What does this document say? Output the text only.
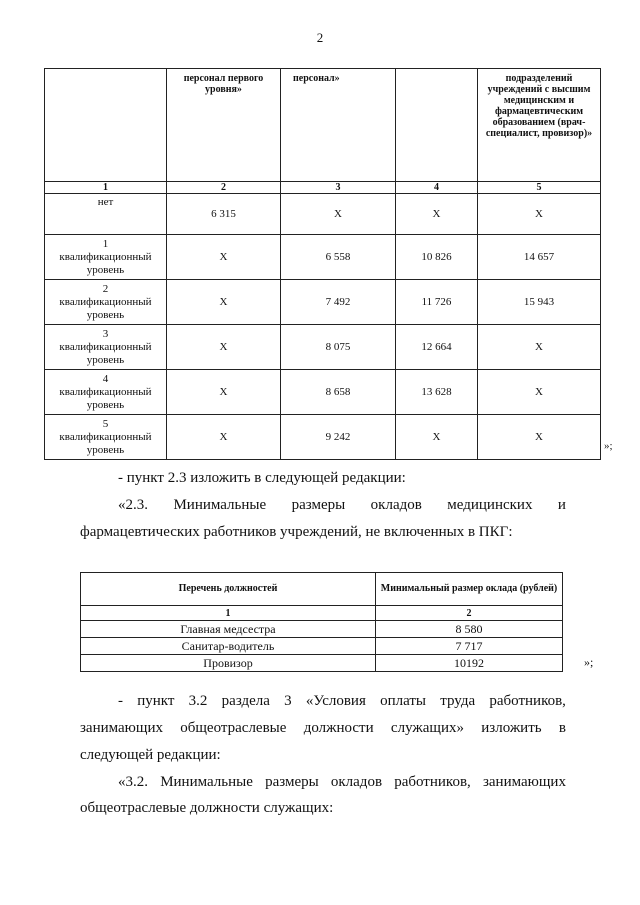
2
	персонал первого уровня»	персонал»		подразделений учреждений с высшим медицинским и фармацевтическим образованием (врач-специалист, провизор)»
1	2	3	4	5
нет	6 315	X	X	X
1
квалификационный
уровень	X	6 558	10 826	14 657
2
квалификационный
уровень	X	7 492	11 726	15 943
3
квалификационный
уровень	X	8 075	12 664	X
4
квалификационный
уровень	X	8 658	13 628	X
5
квалификационный
уровень	X	9 242	X	X
»;
- пункт 2.3 изложить в следующей редакции:
«2.3. Минимальные размеры окладов медицинских и
фармацевтических работников учреждений, не включенных в ПКГ:
Перечень должностей	Минимальный размер оклада (рублей)
1	2
Главная медсестра	8 580
Санитар-водитель	7 717
Провизор	10192	»;
- пункт 3.2 раздела 3 «Условия оплаты труда работников,
занимающих общеотраслевые должности служащих» изложить в
следующей редакции:
«3.2. Минимальные размеры окладов работников, занимающих
общеотраслевые должности служащих:
